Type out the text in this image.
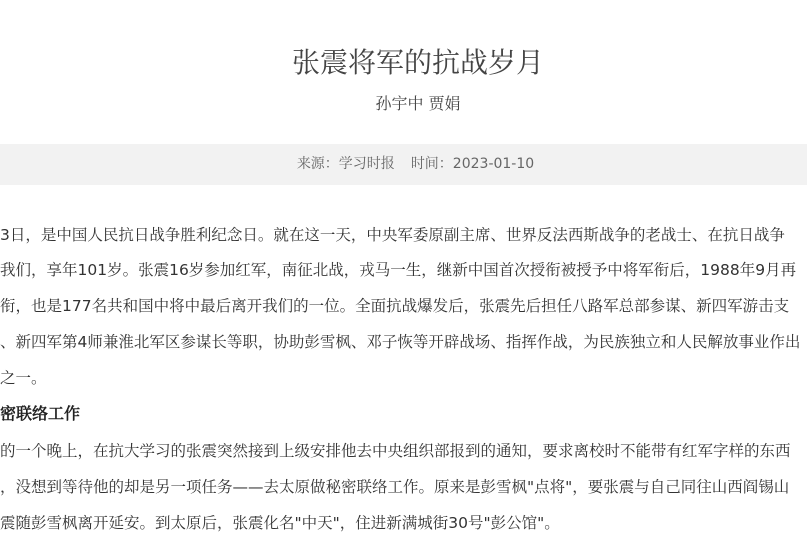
张震将军的抗战岁月
孙宇中 贾娟
来源：学习时报 时间：2023-01-10
3日，是中国人民抗日战争胜利纪念日。就在这一天，中央军委原副主席、世界反法西斯战争的老战士、在抗日战争
我们，享年101岁。张震16岁参加红军，南征北战，戎马一生，继新中国首次授衔被授予中将军衔后，1988年9月再
衔，也是177名共和国中将中最后离开我们的一位。全面抗战爆发后，张震先后担任八路军总部参谋、新四军游击支
、新四军第4师兼淮北军区参谋长等职，协助彭雪枫、邓子恢等开辟战场、指挥作战，为民族独立和人民解放事业作出
之一。
密联络工作
的一个晚上，在抗大学习的张震突然接到上级安排他去中央组织部报到的通知，要求离校时不能带有红军字样的东西
，没想到等待他的却是另一项任务——去太原做秘密联络工作。原来是彭雪枫"点将"，要张震与自己同往山西阎锡山
震随彭雪枫离开延安。到太原后，张震化名"中天"，住进新满城街30号"彭公馆"。
